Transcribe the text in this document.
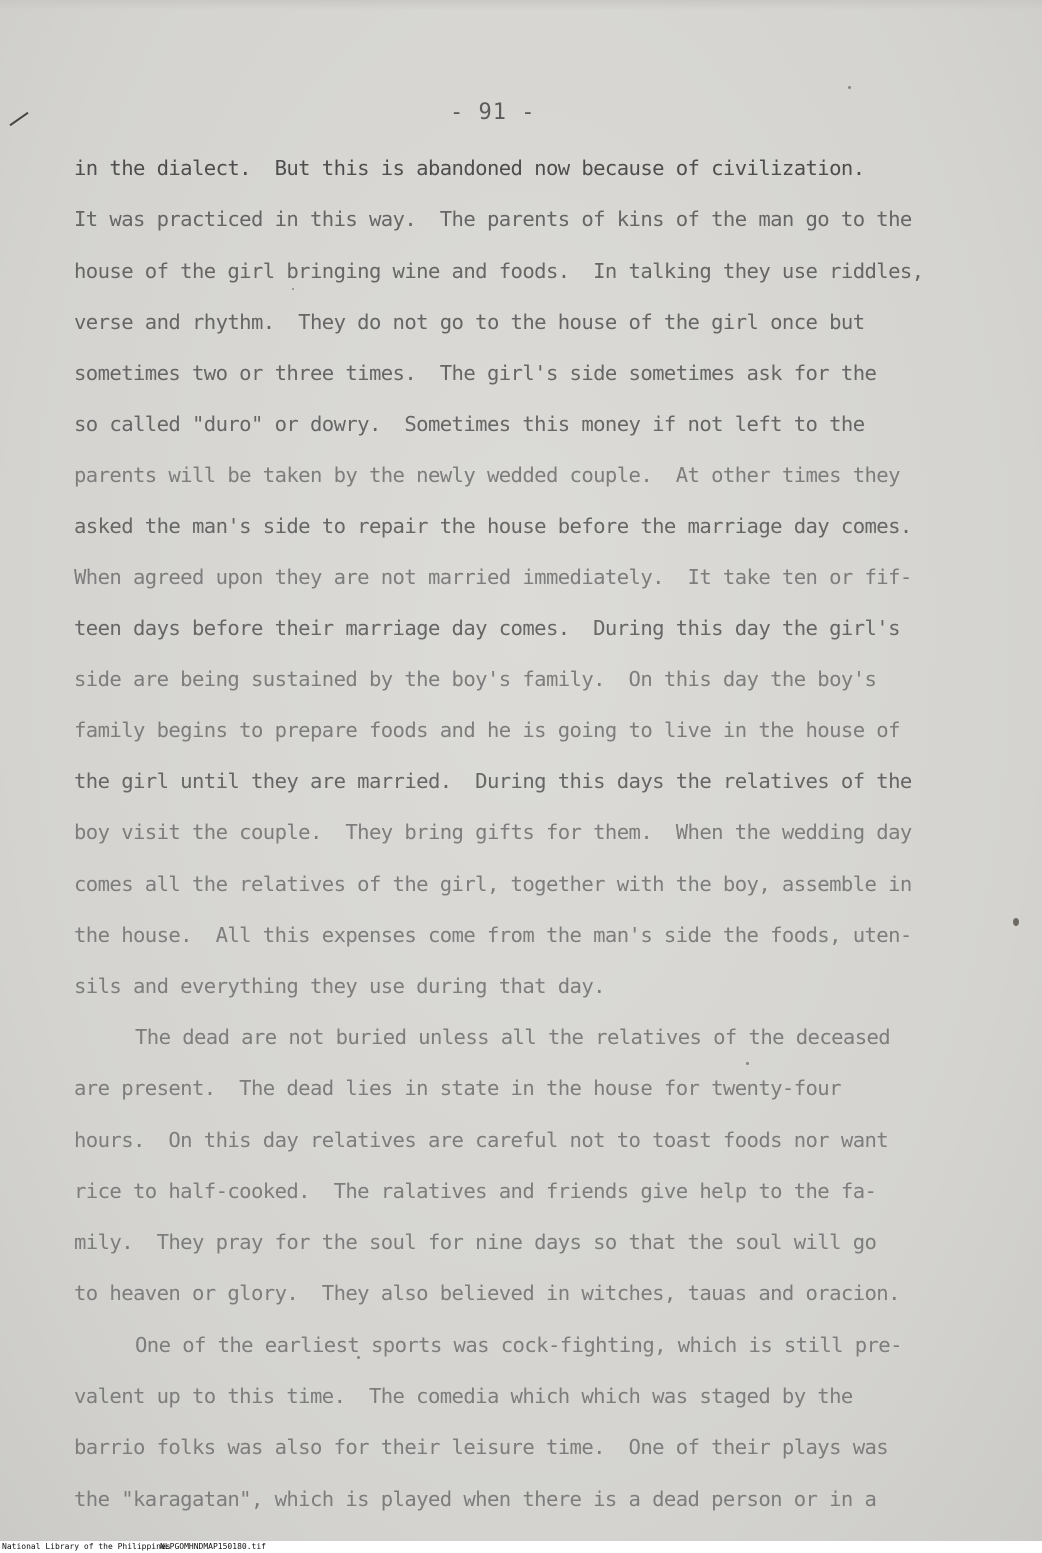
- 91 -
in the dialect.  But this is abandoned now because of civilization.
It was practiced in this way.  The parents of kins of the man go to the
house of the girl bringing wine and foods.  In talking they use riddles,
verse and rhythm.  They do not go to the house of the girl once but
sometimes two or three times.  The girl's side sometimes ask for the
so called "duro" or dowry.  Sometimes this money if not left to the
parents will be taken by the newly wedded couple.  At other times they
asked the man's side to repair the house before the marriage day comes.
When agreed upon they are not married immediately.  It take ten or fif-
teen days before their marriage day comes.  During this day the girl's
side are being sustained by the boy's family.  On this day the boy's
family begins to prepare foods and he is going to live in the house of
the girl until they are married.  During this days the relatives of the
boy visit the couple.  They bring gifts for them.  When the wedding day
comes all the relatives of the girl, together with the boy, assemble in
the house.  All this expenses come from the man's side the foods, uten-
sils and everything they use during that day.
The dead are not buried unless all the relatives of the deceased
are present.  The dead lies in state in the house for twenty-four
hours.  On this day relatives are careful not to toast foods nor want
rice to half-cooked.  The ralatives and friends give help to the fa-
mily.  They pray for the soul for nine days so that the soul will go
to heaven or glory.  They also believed in witches, tauas and oracion.
One of the earliest sports was cock-fighting, which is still pre-
valent up to this time.  The comedia which which was staged by the
barrio folks was also for their leisure time.  One of their plays was
the "karagatan", which is played when there is a dead person or in a
National Library of the Philippines
NLPGOMHNDMAP150180.tif
